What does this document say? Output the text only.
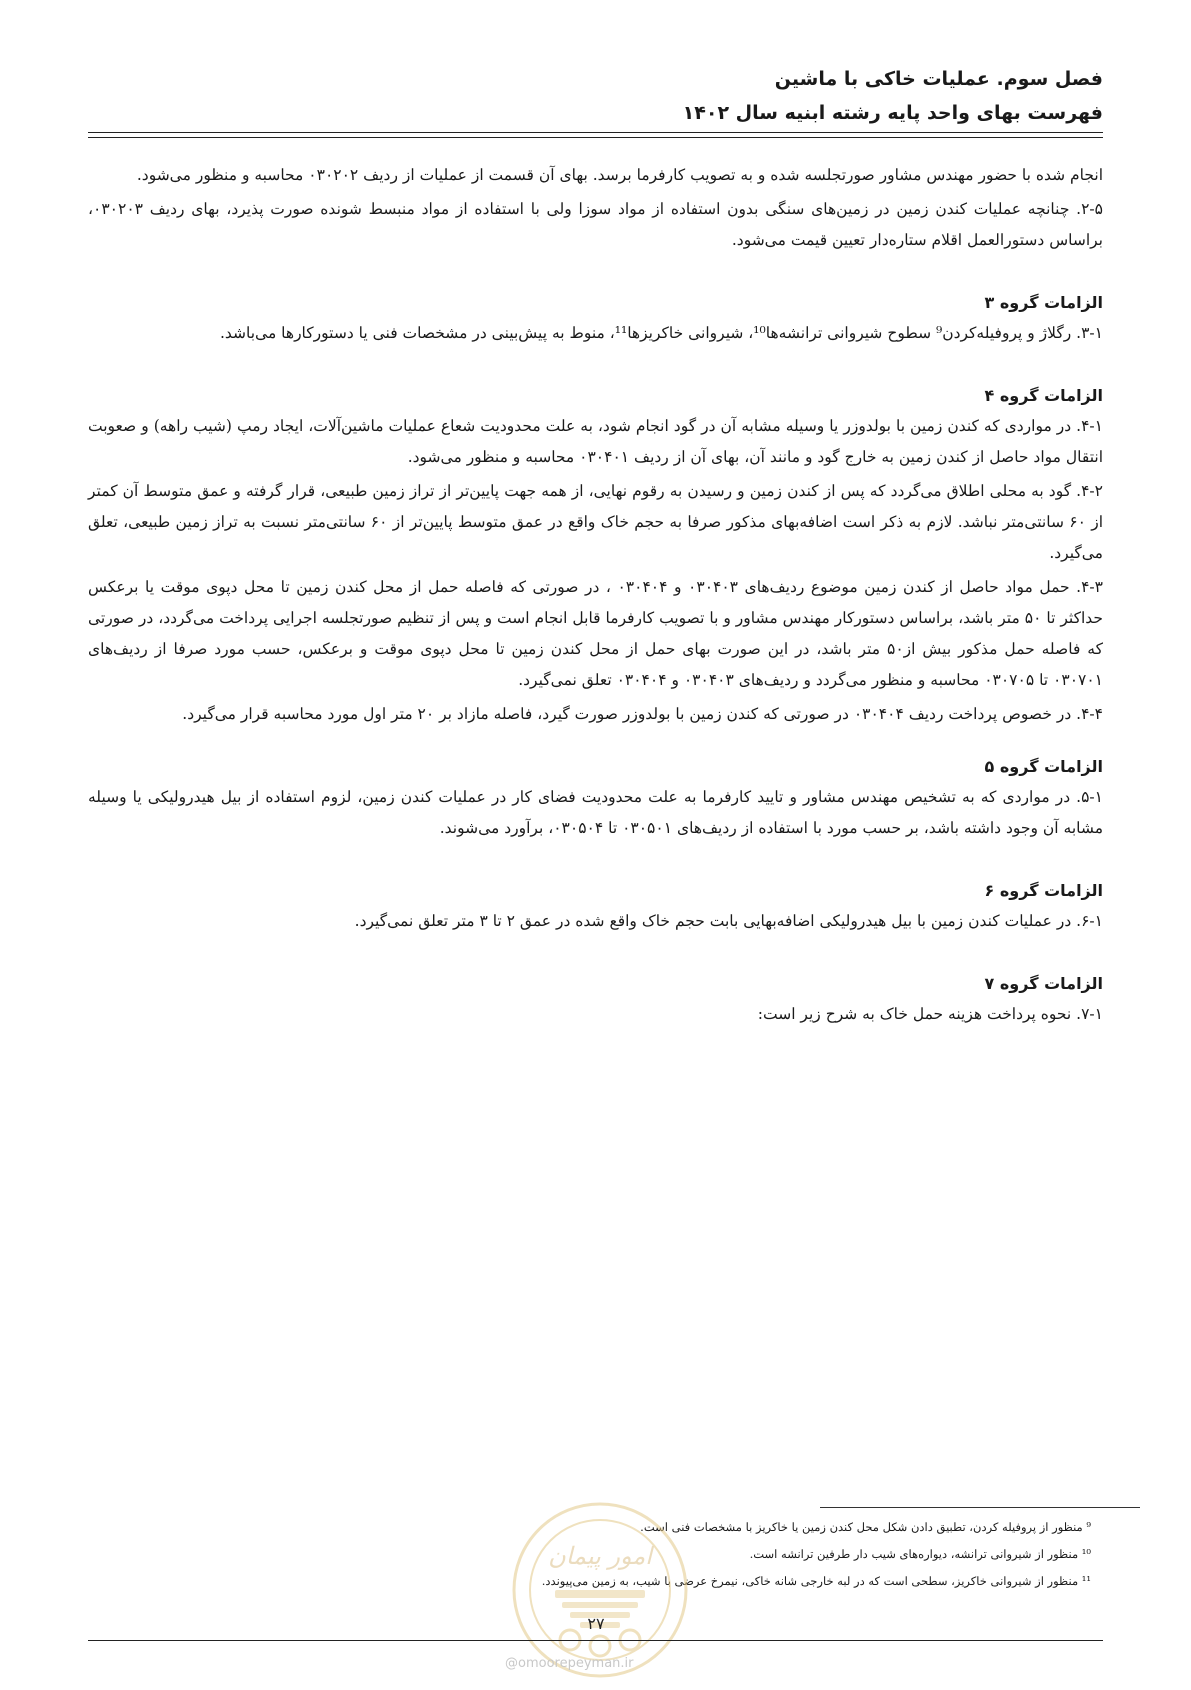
فصل سوم. عملیات خاکی با ماشین
فهرست بهای واحد پایه رشته ابنیه سال ۱۴۰۲

انجام شده با حضور مهندس مشاور صورتجلسه شده و به تصویب کارفرما برسد. بهای آن قسمت از عملیات از ردیف ۰۳۰۲۰۲ محاسبه و منظور می‌شود.

۲-۵. چنانچه عملیات کندن زمین در زمین‌های سنگی بدون استفاده از مواد سوزا ولی با استفاده از مواد منبسط شونده صورت پذیرد، بهای ردیف ۰۳۰۲۰۳، براساس دستورالعمل اقلام ستاره‌دار تعیین قیمت می‌شود.

الزامات گروه ۳

۳-۱. رگلاژ و پروفیله‌کردن⁹ سطوح شیروانی ترانشه‌ها¹⁰، شیروانی خاکریزها¹¹، منوط به پیش‌بینی در مشخصات فنی یا دستورکارها می‌باشد.

الزامات گروه ۴

۴-۱. در مواردی که کندن زمین با بولدوزر یا وسیله مشابه آن در گود انجام شود، به علت محدودیت شعاع عملیات ماشین‌آلات، ایجاد رمپ (شیب راهه) و صعوبت انتقال مواد حاصل از کندن زمین به خارج گود و مانند آن، بهای آن از ردیف ۰۳۰۴۰۱ محاسبه و منظور می‌شود.

۴-۲. گود به محلی اطلاق می‌گردد که پس از کندن زمین و رسیدن به رقوم نهایی، از همه جهت پایین‌تر از تراز زمین طبیعی، قرار گرفته و عمق متوسط آن کمتر از ۶۰ سانتی‌متر نباشد. لازم به ذکر است اضافه‌بهای مذکور صرفا به حجم خاک واقع در عمق متوسط پایین‌تر از ۶۰ سانتی‌متر نسبت به تراز زمین طبیعی، تعلق می‌گیرد.

۴-۳. حمل مواد حاصل از کندن زمین موضوع ردیف‌های ۰۳۰۴۰۳ و ۰۳۰۴۰۴ ، در صورتی که فاصله حمل از محل کندن زمین تا محل دپوی موقت یا برعکس حداکثر تا ۵۰ متر باشد، براساس دستورکار مهندس مشاور و با تصویب کارفرما قابل انجام است و پس از تنظیم صورتجلسه اجرایی پرداخت می‌گردد، در صورتی که فاصله حمل مذکور بیش از۵۰ متر باشد، در این صورت بهای حمل از محل کندن زمین تا محل دپوی موقت و برعکس، حسب مورد صرفا از ردیف‌های ۰۳۰۷۰۱ تا ۰۳۰۷۰۵ محاسبه و منظور می‌گردد و ردیف‌های ۰۳۰۴۰۳ و ۰۳۰۴۰۴ تعلق نمی‌گیرد.

۴-۴. در خصوص پرداخت ردیف ۰۳۰۴۰۴ در صورتی که کندن زمین با بولدوزر صورت گیرد، فاصله مازاد بر ۲۰ متر اول مورد محاسبه قرار می‌گیرد.

الزامات گروه ۵

۵-۱. در مواردی که به تشخیص مهندس مشاور و تایید کارفرما به علت محدودیت فضای کار در عملیات کندن زمین، لزوم استفاده از بیل هیدرولیکی یا وسیله مشابه آن وجود داشته باشد، بر حسب مورد با استفاده از ردیف‌های ۰۳۰۵۰۱ تا ۰۳۰۵۰۴، برآورد می‌شوند.

الزامات گروه ۶

۶-۱. در عملیات کندن زمین با بیل هیدرولیکی اضافه‌بهایی بابت حجم خاک واقع شده در عمق ۲ تا ۳ متر تعلق نمی‌گیرد.

الزامات گروه ۷

۷-۱. نحوه پرداخت هزینه حمل خاک به شرح زیر است:

⁹ منظور از پروفیله کردن، تطبیق دادن شکل محل کندن زمین یا خاکریز با مشخصات فنی است.

¹⁰ منظور از شیروانی ترانشه، دیواره‌های شیب دار طرفین ترانشه است.

¹¹ منظور از شیروانی خاکریز، سطحی است که در لبه خارجی شانه خاکی، نیمرخ عرضی با شیب، به زمین می‌پیوندد.

امور پیمان
۲۷
@omoorepeyman.ir
